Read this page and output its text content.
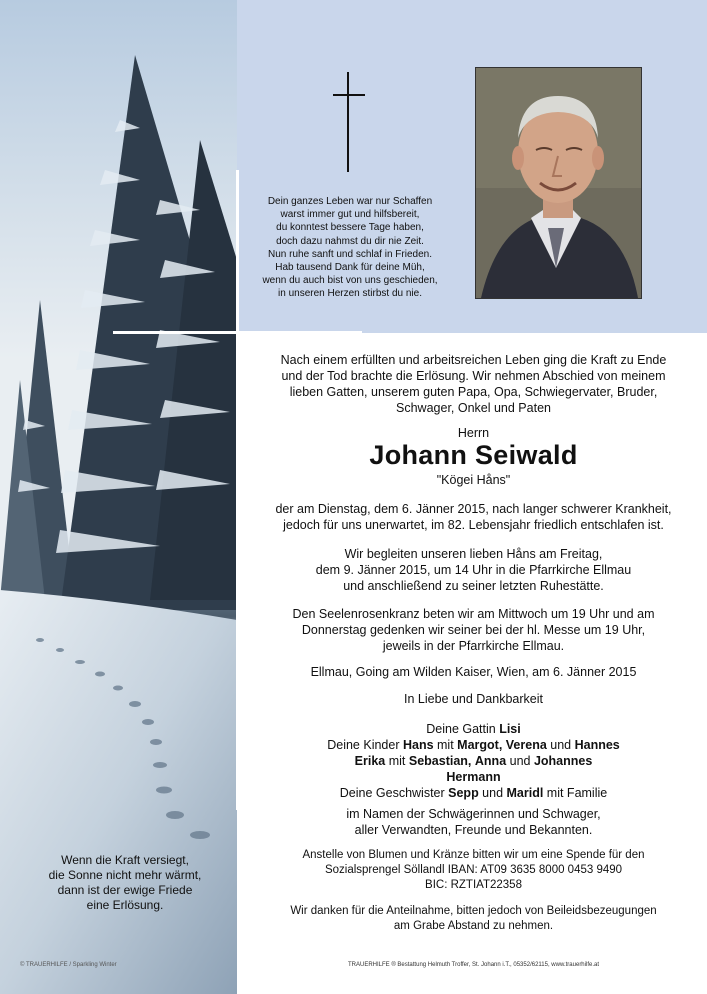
Wenn die Kraft versiegt,
die Sonne nicht mehr wärmt,
dann ist der ewige Friede
eine Erlösung.
© TRAUERHILFE / Sparkling Winter
Dein ganzes Leben war nur Schaffen
warst immer gut und hilfsbereit,
du konntest bessere Tage haben,
doch dazu nahmst du dir nie Zeit.
Nun ruhe sanft und schlaf in Frieden.
Hab tausend Dank für deine Müh,
wenn du auch bist von uns geschieden,
in unseren Herzen stirbst du nie.
Nach einem erfüllten und arbeitsreichen Leben ging die Kraft zu Ende
und der Tod brachte die Erlösung. Wir nehmen Abschied von meinem
lieben Gatten, unserem guten Papa, Opa, Schwiegervater, Bruder,
Schwager, Onkel und Paten
Herrn
Johann Seiwald
"Kögei Håns"
der am Dienstag, dem 6. Jänner 2015, nach langer schwerer Krankheit,
jedoch für uns unerwartet, im 82. Lebensjahr friedlich entschlafen ist.
Wir begleiten unseren lieben Håns am Freitag,
dem 9. Jänner 2015, um 14 Uhr in die Pfarrkirche Ellmau
und anschließend zu seiner letzten Ruhestätte.
Den Seelenrosenkranz beten wir am Mittwoch um 19 Uhr und am
Donnerstag gedenken wir seiner bei der hl. Messe um 19 Uhr,
jeweils in der Pfarrkirche Ellmau.
Ellmau, Going am Wilden Kaiser, Wien, am 6. Jänner 2015
In Liebe und Dankbarkeit
Deine Gattin Lisi
Deine Kinder Hans mit Margot, Verena und Hannes
Erika mit Sebastian, Anna und Johannes
Hermann
Deine Geschwister Sepp und Maridl mit Familie
im Namen der Schwägerinnen und Schwager,
aller Verwandten, Freunde und Bekannten.
Anstelle von Blumen und Kränze bitten wir um eine Spende für den
Sozialsprengel Söllandl IBAN: AT09 3635 8000 0453 9490
BIC: RZTIAT22358
Wir danken für die Anteilnahme, bitten jedoch von Beileidsbezeugungen
am Grabe Abstand zu nehmen.
TRAUERHILFE ® Bestattung Helmuth Troffer, St. Johann i.T., 05352/62115, www.trauerhilfe.at
